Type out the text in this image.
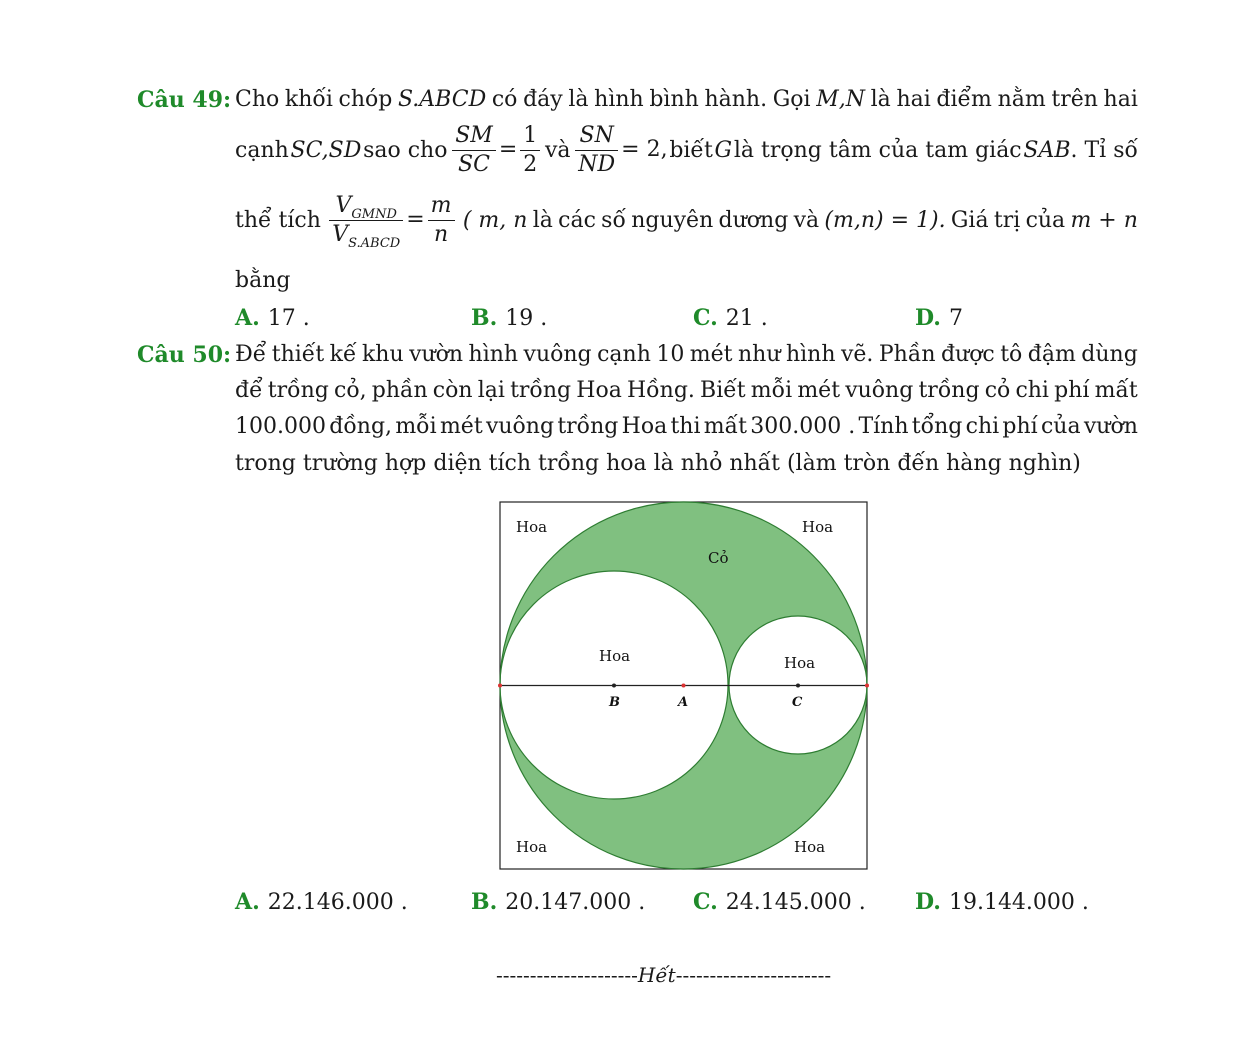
Câu 49: Cho khối chóp S.ABCD có đáy là hình bình hành. Gọi M,N là hai điểm nằm trên hai
cạnh SC,SD sao cho $\frac{SM}{SC} = \frac{1}{2}$ và $\frac{SN}{ND} = 2$, biết G là trọng tâm của tam giác SAB. Tỉ số
thể tích $\frac{V_{GMND}}{V_{S.ABCD}} = \frac{m}{n}$ ( m, n là các số nguyên dương và (m,n) = 1). Giá trị của m + n
bằng
A. 17 .	B. 19 .	C. 21 .	D. 7
Câu 50: Để thiết kế khu vườn hình vuông cạnh 10 mét như hình vẽ. Phần được tô đậm dùng
để trồng cỏ, phần còn lại trồng Hoa Hồng. Biết mỗi mét vuông trồng cỏ chi phí mất
100.000 đồng, mỗi mét vuông trồng Hoa thi mất 300.000 . Tính tổng chi phí của vườn
trong trường hợp diện tích trồng hoa là nhỏ nhất (làm tròn đến hàng nghìn)
Hoa	Hoa
Cỏ
Hoa	Hoa
B	A	C
Hoa	Hoa
A. 22.146.000 .	B. 20.147.000 . C. 24.145.000 . D. 19.144.000 .
---------------------Hết-----------------------
